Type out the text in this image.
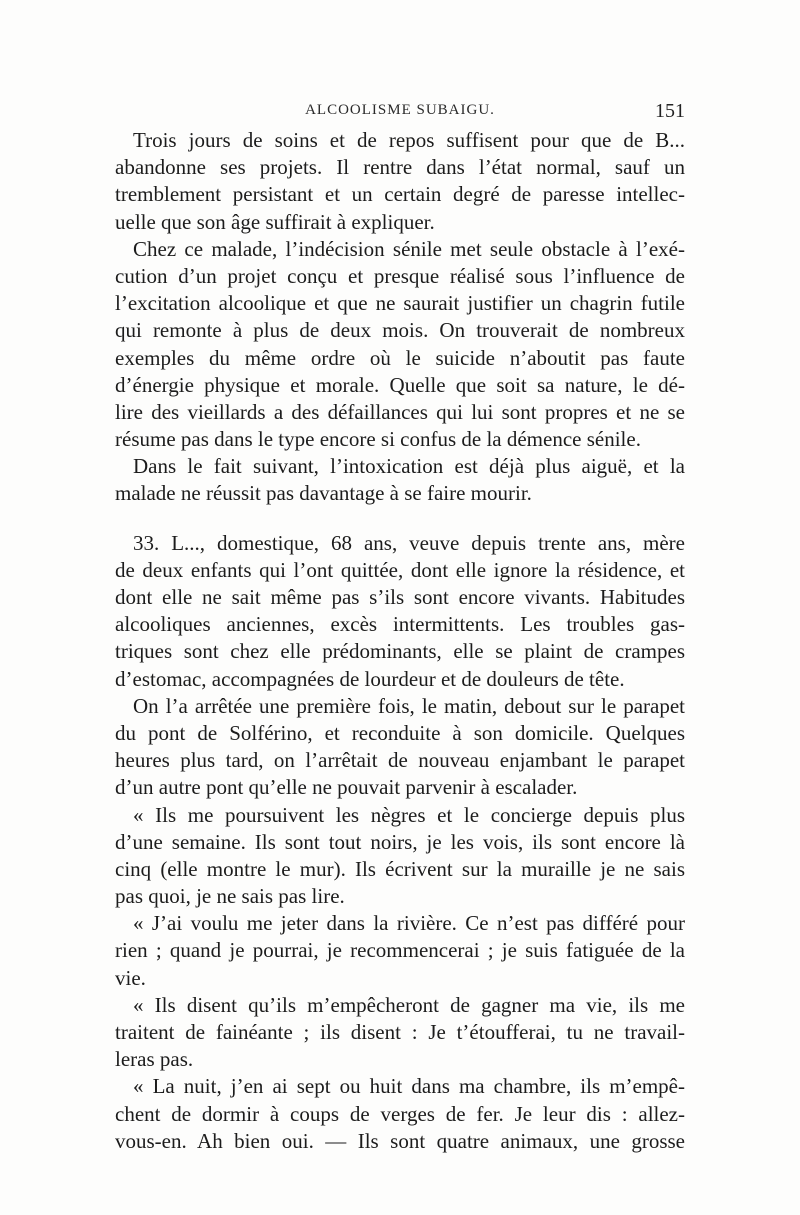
ALCOOLISME SUBAIGU.	151
Trois jours de soins et de repos suffisent pour que de B...
abandonne ses projets. Il rentre dans l’état normal, sauf un
tremblement persistant et un certain degré de paresse intellec-
uelle que son âge suffirait à expliquer.
Chez ce malade, l’indécision sénile met seule obstacle à l’exé-
cution d’un projet conçu et presque réalisé sous l’influence de
l’excitation alcoolique et que ne saurait justifier un chagrin futile
qui remonte à plus de deux mois. On trouverait de nombreux
exemples du même ordre où le suicide n’aboutit pas faute
d’énergie physique et morale. Quelle que soit sa nature, le dé-
lire des vieillards a des défaillances qui lui sont propres et ne se
résume pas dans le type encore si confus de la démence sénile.
Dans le fait suivant, l’intoxication est déjà plus aiguë, et la
malade ne réussit pas davantage à se faire mourir.
33. L..., domestique, 68 ans, veuve depuis trente ans, mère
de deux enfants qui l’ont quittée, dont elle ignore la résidence, et
dont elle ne sait même pas s’ils sont encore vivants. Habitudes
alcooliques anciennes, excès intermittents. Les troubles gas-
triques sont chez elle prédominants, elle se plaint de crampes
d’estomac, accompagnées de lourdeur et de douleurs de tête.
On l’a arrêtée une première fois, le matin, debout sur le parapet
du pont de Solférino, et reconduite à son domicile. Quelques
heures plus tard, on l’arrêtait de nouveau enjambant le parapet
d’un autre pont qu’elle ne pouvait parvenir à escalader.
« Ils me poursuivent les nègres et le concierge depuis plus
d’une semaine. Ils sont tout noirs, je les vois, ils sont encore là
cinq (elle montre le mur). Ils écrivent sur la muraille je ne sais
pas quoi, je ne sais pas lire.
« J’ai voulu me jeter dans la rivière. Ce n’est pas différé pour
rien ; quand je pourrai, je recommencerai ; je suis fatiguée de la
vie.
« Ils disent qu’ils m’empêcheront de gagner ma vie, ils me
traitent de fainéante ; ils disent : Je t’étoufferai, tu ne travail-
leras pas.
« La nuit, j’en ai sept ou huit dans ma chambre, ils m’empê-
chent de dormir à coups de verges de fer. Je leur dis : allez-
vous-en. Ah bien oui. — Ils sont quatre animaux, une grosse
